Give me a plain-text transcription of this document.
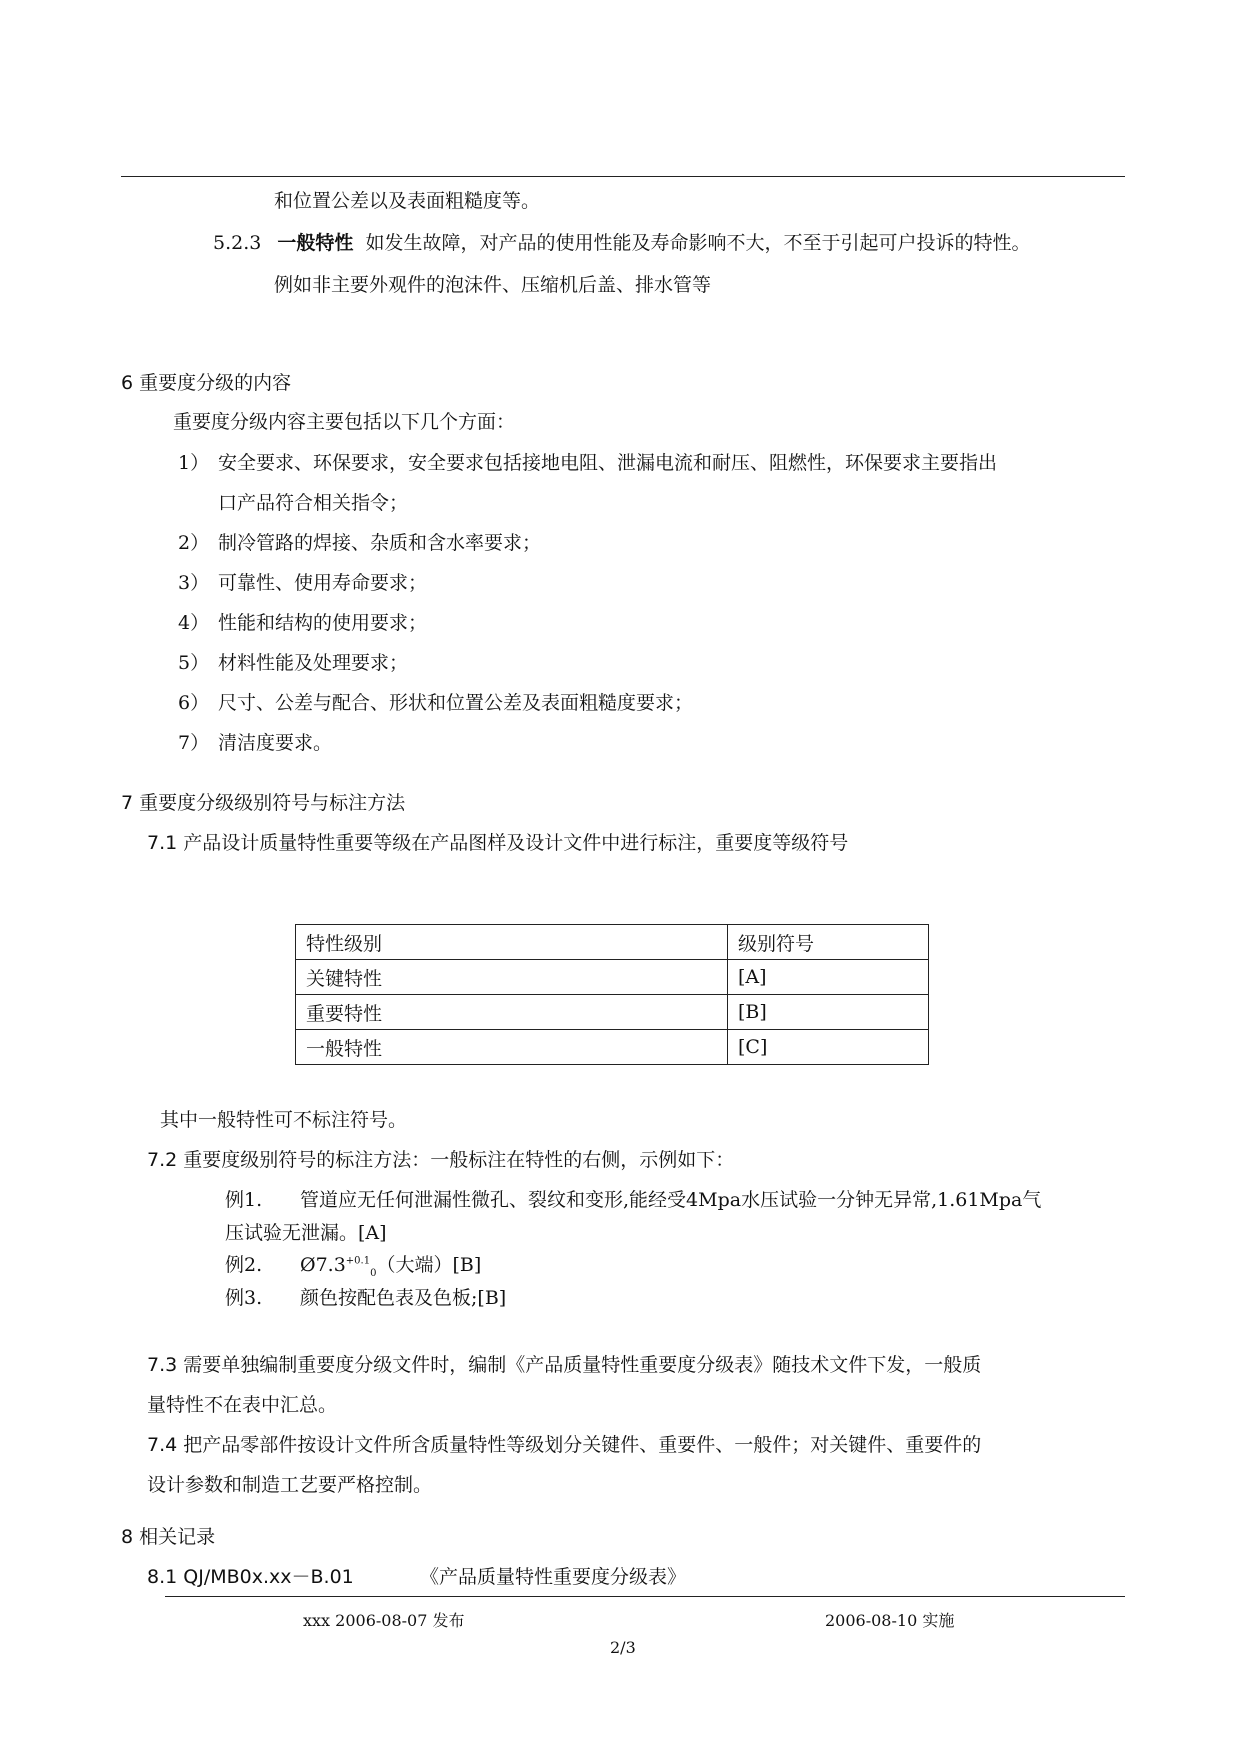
和位置公差以及表面粗糙度等。
5.2.3 一般特性 如发生故障，对产品的使用性能及寿命影响不大，不至于引起可户投诉的特性。
例如非主要外观件的泡沫件、压缩机后盖、排水管等
6 重要度分级的内容
重要度分级内容主要包括以下几个方面：
1） 安全要求、环保要求，安全要求包括接地电阻、泄漏电流和耐压、阻燃性，环保要求主要指出
口产品符合相关指令；
2） 制冷管路的焊接、杂质和含水率要求；
3） 可靠性、使用寿命要求；
4） 性能和结构的使用要求；
5） 材料性能及处理要求；
6） 尺寸、公差与配合、形状和位置公差及表面粗糙度要求；
7） 清洁度要求。
7 重要度分级级别符号与标注方法
7.1 产品设计质量特性重要等级在产品图样及设计文件中进行标注，重要度等级符号
特性级别	级别符号
关键特性	[A]
重要特性	[B]
一般特性	[C]
其中一般特性可不标注符号。
7.2 重要度级别符号的标注方法：一般标注在特性的右侧，示例如下：
例1. 管道应无任何泄漏性微孔、裂纹和变形,能经受4Mpa水压试验一分钟无异常,1.61Mpa气
压试验无泄漏。[A]
例2. $Ø7.3^{+0.1}_0$（大端）[B]
例3. 颜色按配色表及色板;[B]
7.3 需要单独编制重要度分级文件时，编制《产品质量特性重要度分级表》随技术文件下发，一般质
量特性不在表中汇总。
7.4 把产品零部件按设计文件所含质量特性等级划分关键件、重要件、一般件；对关键件、重要件的
设计参数和制造工艺要严格控制。
8 相关记录
8.1 QJ/MB0x.xx－B.01	《产品质量特性重要度分级表》
xxx 2006-08-07 发布	2006-08-10 实施
2/3
